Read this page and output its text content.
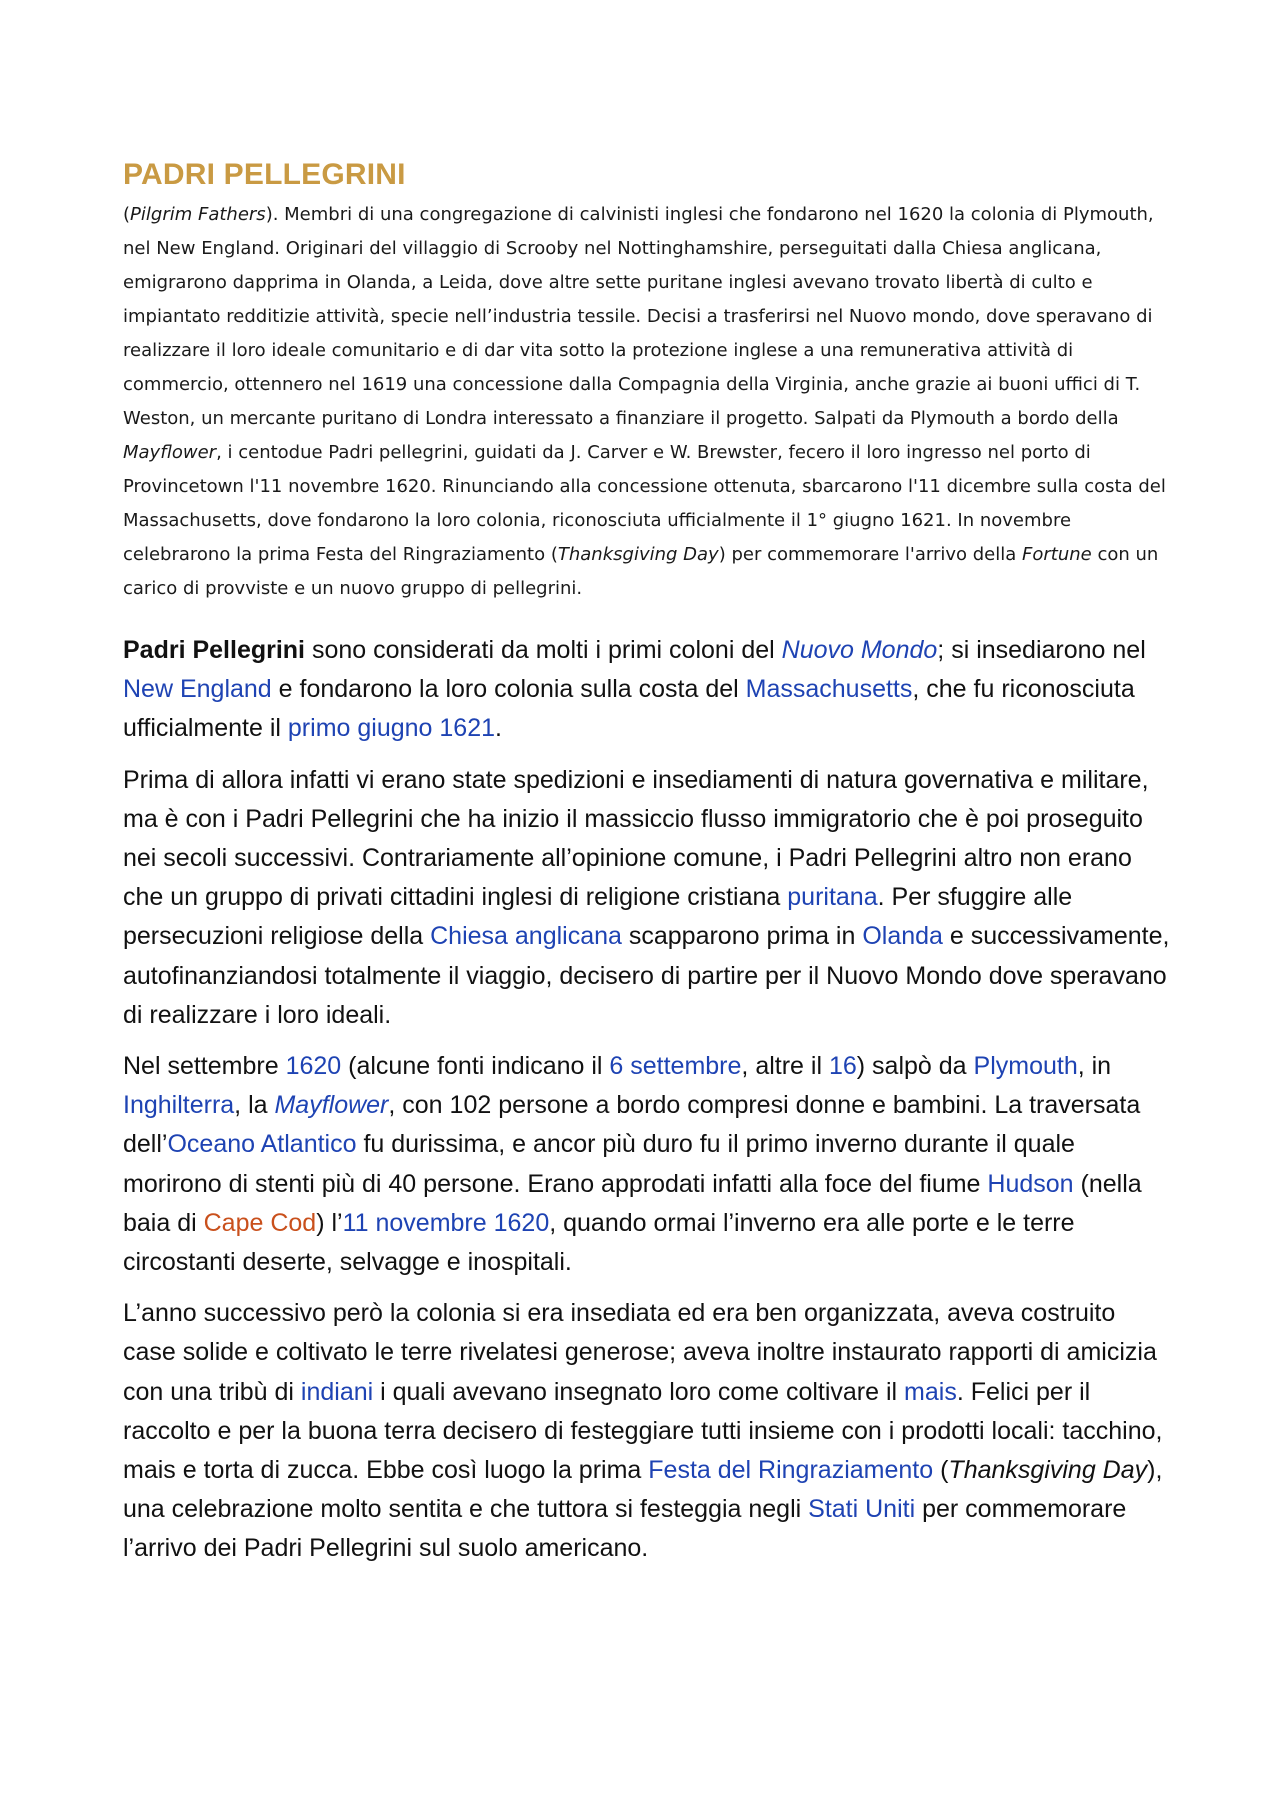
PADRI PELLEGRINI

(Pilgrim Fathers). Membri di una congregazione di calvinisti inglesi che fondarono nel 1620 la colonia di Plymouth, nel New England. Originari del villaggio di Scrooby nel Nottinghamshire, perseguitati dalla Chiesa anglicana, emigrarono dapprima in Olanda, a Leida, dove altre sette puritane inglesi avevano trovato libertà di culto e impiantato redditizie attività, specie nell’industria tessile. Decisi a trasferirsi nel Nuovo mondo, dove speravano di realizzare il loro ideale comunitario e di dar vita sotto la protezione inglese a una remunerativa attività di commercio, ottennero nel 1619 una concessione dalla Compagnia della Virginia, anche grazie ai buoni uffici di T. Weston, un mercante puritano di Londra interessato a finanziare il progetto. Salpati da Plymouth a bordo della Mayflower, i centodue Padri pellegrini, guidati da J. Carver e W. Brewster, fecero il loro ingresso nel porto di Provincetown l'11 novembre 1620. Rinunciando alla concessione ottenuta, sbarcarono l'11 dicembre sulla costa del Massachusetts, dove fondarono la loro colonia, riconosciuta ufficialmente il 1° giugno 1621. In novembre celebrarono la prima Festa del Ringraziamento (Thanksgiving Day) per commemorare l'arrivo della Fortune con un carico di provviste e un nuovo gruppo di pellegrini.

Padri Pellegrini sono considerati da molti i primi coloni del Nuovo Mondo; si insediarono nel New England e fondarono la loro colonia sulla costa del Massachusetts, che fu riconosciuta ufficialmente il primo giugno 1621.

Prima di allora infatti vi erano state spedizioni e insediamenti di natura governativa e militare, ma è con i Padri Pellegrini che ha inizio il massiccio flusso immigratorio che è poi proseguito nei secoli successivi. Contrariamente all’opinione comune, i Padri Pellegrini altro non erano che un gruppo di privati cittadini inglesi di religione cristiana puritana. Per sfuggire alle persecuzioni religiose della Chiesa anglicana scapparono prima in Olanda e successivamente, autofinanziandosi totalmente il viaggio, decisero di partire per il Nuovo Mondo dove speravano di realizzare i loro ideali.

Nel settembre 1620 (alcune fonti indicano il 6 settembre, altre il 16) salpò da Plymouth, in Inghilterra, la Mayflower, con 102 persone a bordo compresi donne e bambini. La traversata dell’Oceano Atlantico fu durissima, e ancor più duro fu il primo inverno durante il quale morirono di stenti più di 40 persone. Erano approdati infatti alla foce del fiume Hudson (nella baia di Cape Cod) l’11 novembre 1620, quando ormai l’inverno era alle porte e le terre circostanti deserte, selvagge e inospitali.

L’anno successivo però la colonia si era insediata ed era ben organizzata, aveva costruito case solide e coltivato le terre rivelatesi generose; aveva inoltre instaurato rapporti di amicizia con una tribù di indiani i quali avevano insegnato loro come coltivare il mais. Felici per il raccolto e per la buona terra decisero di festeggiare tutti insieme con i prodotti locali: tacchino, mais e torta di zucca. Ebbe così luogo la prima Festa del Ringraziamento (Thanksgiving Day), una celebrazione molto sentita e che tuttora si festeggia negli Stati Uniti per commemorare l’arrivo dei Padri Pellegrini sul suolo americano.
